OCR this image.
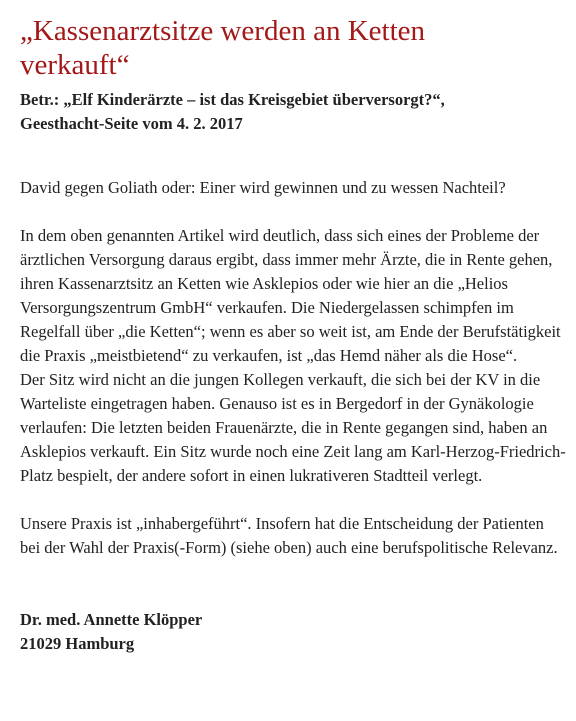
„Kassenarztsitze werden an Ketten
verkauft“
Betr.: „Elf Kinderärzte – ist das Kreisgebiet überversorgt?“,
Geesthacht-Seite vom 4. 2. 2017

David gegen Goliath oder: Einer wird gewinnen und zu wessen Nachteil?

In dem oben genannten Artikel wird deutlich, dass sich eines der Probleme der ärztlichen Versorgung daraus ergibt, dass immer mehr Ärzte, die in Rente gehen, ihren Kassenarztsitz an Ketten wie Asklepios oder wie hier an die „Helios Versorgungszentrum GmbH“ verkaufen. Die Niedergelassen schimpfen im Regelfall über „die Ketten“; wenn es aber so weit ist, am Ende der Berufstätigkeit die Praxis „meistbietend“ zu verkaufen, ist „das Hemd näher als die Hose“.

Der Sitz wird nicht an die jungen Kollegen verkauft, die sich bei der KV in die Warteliste eingetragen haben. Genauso ist es in Bergedorf in der Gynäkologie verlaufen: Die letzten beiden Frauenärzte, die in Rente gegangen sind, haben an Asklepios verkauft. Ein Sitz wurde noch eine Zeit lang am Karl-Herzog-Friedrich-Platz bespielt, der andere sofort in einen lukrativeren Stadtteil verlegt.

Unsere Praxis ist „inhabergeführt“. Insofern hat die Entscheidung der Patienten bei der Wahl der Praxis(-Form) (siehe oben) auch eine berufspolitische Relevanz.

Dr. med. Annette Klöpper
21029 Hamburg
